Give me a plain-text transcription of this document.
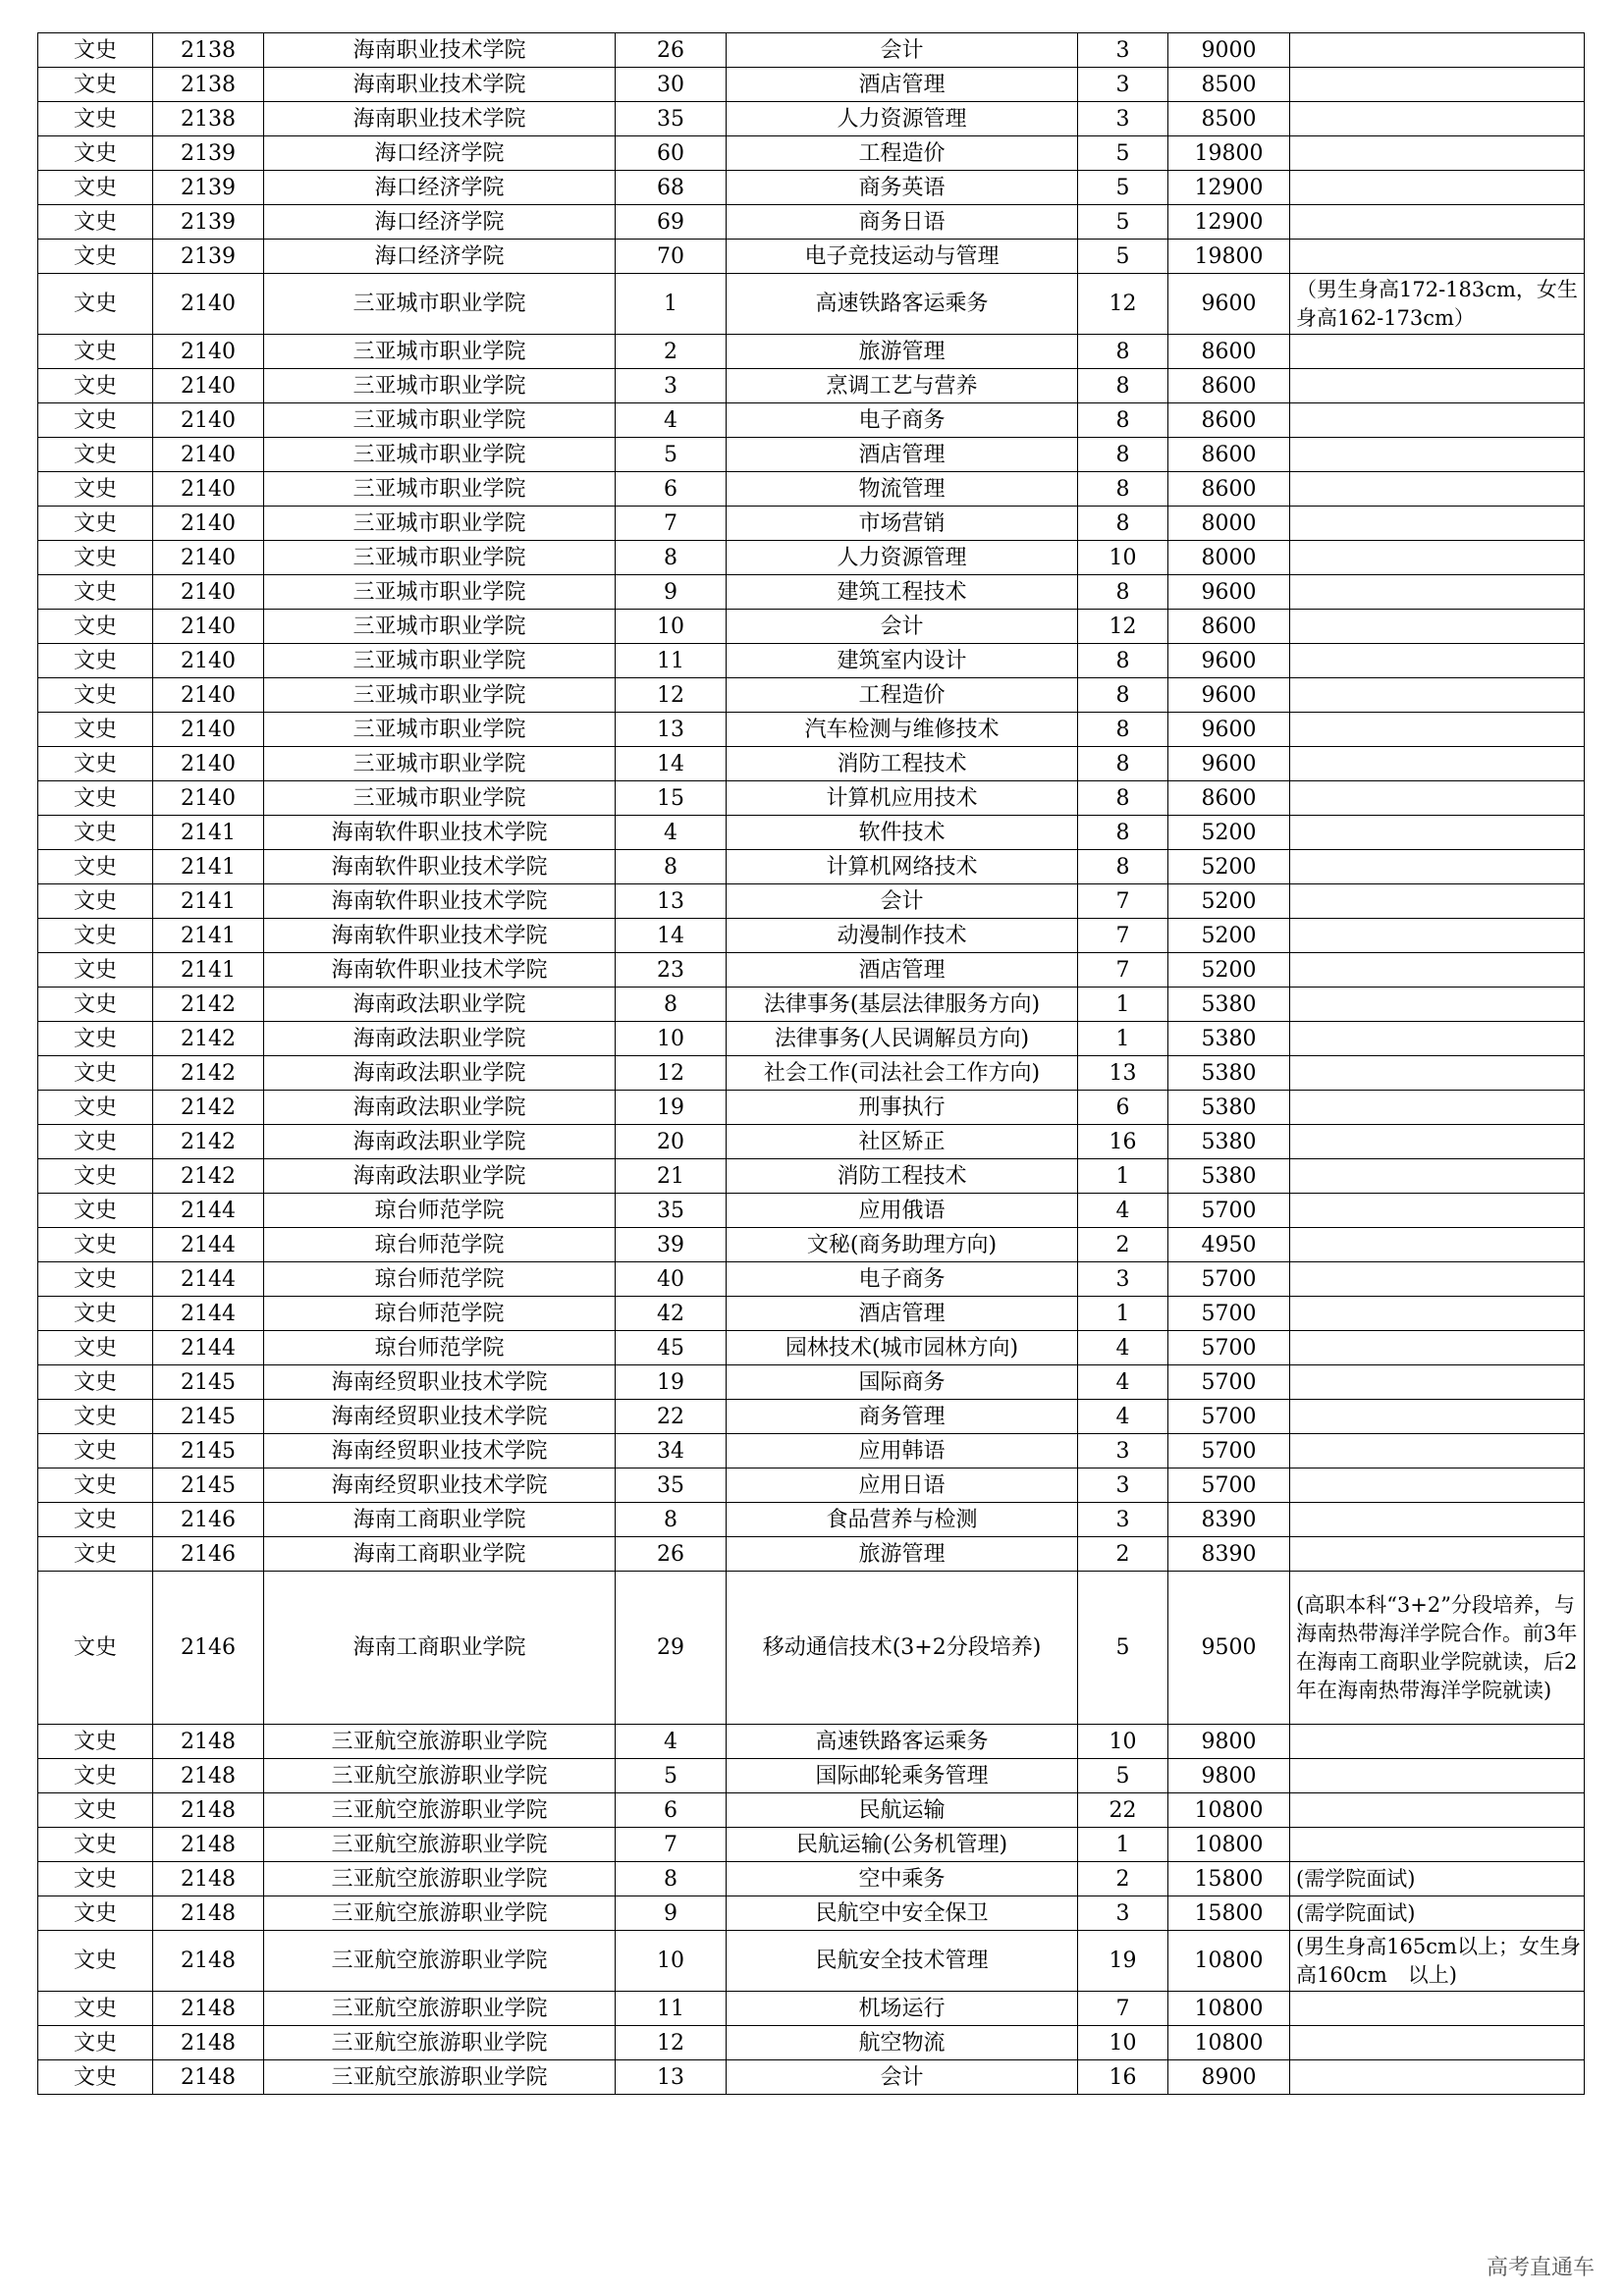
文史	2138	海南职业技术学院	26	会计	3	9000	
文史	2138	海南职业技术学院	30	酒店管理	3	8500	
文史	2138	海南职业技术学院	35	人力资源管理	3	8500	
文史	2139	海口经济学院	60	工程造价	5	19800	
文史	2139	海口经济学院	68	商务英语	5	12900	
文史	2139	海口经济学院	69	商务日语	5	12900	
文史	2139	海口经济学院	70	电子竞技运动与管理	5	19800	
文史	2140	三亚城市职业学院	1	高速铁路客运乘务	12	9600	（男生身高172-183cm，女生身高162-173cm）
文史	2140	三亚城市职业学院	2	旅游管理	8	8600	
文史	2140	三亚城市职业学院	3	烹调工艺与营养	8	8600	
文史	2140	三亚城市职业学院	4	电子商务	8	8600	
文史	2140	三亚城市职业学院	5	酒店管理	8	8600	
文史	2140	三亚城市职业学院	6	物流管理	8	8600	
文史	2140	三亚城市职业学院	7	市场营销	8	8000	
文史	2140	三亚城市职业学院	8	人力资源管理	10	8000	
文史	2140	三亚城市职业学院	9	建筑工程技术	8	9600	
文史	2140	三亚城市职业学院	10	会计	12	8600	
文史	2140	三亚城市职业学院	11	建筑室内设计	8	9600	
文史	2140	三亚城市职业学院	12	工程造价	8	9600	
文史	2140	三亚城市职业学院	13	汽车检测与维修技术	8	9600	
文史	2140	三亚城市职业学院	14	消防工程技术	8	9600	
文史	2140	三亚城市职业学院	15	计算机应用技术	8	8600	
文史	2141	海南软件职业技术学院	4	软件技术	8	5200	
文史	2141	海南软件职业技术学院	8	计算机网络技术	8	5200	
文史	2141	海南软件职业技术学院	13	会计	7	5200	
文史	2141	海南软件职业技术学院	14	动漫制作技术	7	5200	
文史	2141	海南软件职业技术学院	23	酒店管理	7	5200	
文史	2142	海南政法职业学院	8	法律事务(基层法律服务方向)	1	5380	
文史	2142	海南政法职业学院	10	法律事务(人民调解员方向)	1	5380	
文史	2142	海南政法职业学院	12	社会工作(司法社会工作方向)	13	5380	
文史	2142	海南政法职业学院	19	刑事执行	6	5380	
文史	2142	海南政法职业学院	20	社区矫正	16	5380	
文史	2142	海南政法职业学院	21	消防工程技术	1	5380	
文史	2144	琼台师范学院	35	应用俄语	4	5700	
文史	2144	琼台师范学院	39	文秘(商务助理方向)	2	4950	
文史	2144	琼台师范学院	40	电子商务	3	5700	
文史	2144	琼台师范学院	42	酒店管理	1	5700	
文史	2144	琼台师范学院	45	园林技术(城市园林方向)	4	5700	
文史	2145	海南经贸职业技术学院	19	国际商务	4	5700	
文史	2145	海南经贸职业技术学院	22	商务管理	4	5700	
文史	2145	海南经贸职业技术学院	34	应用韩语	3	5700	
文史	2145	海南经贸职业技术学院	35	应用日语	3	5700	
文史	2146	海南工商职业学院	8	食品营养与检测	3	8390	
文史	2146	海南工商职业学院	26	旅游管理	2	8390	
文史	2146	海南工商职业学院	29	移动通信技术(3+2分段培养)	5	9500	(高职本科“3+2”分段培养，与海南热带海洋学院合作。前3年在海南工商职业学院就读，后2年在海南热带海洋学院就读)
文史	2148	三亚航空旅游职业学院	4	高速铁路客运乘务	10	9800	
文史	2148	三亚航空旅游职业学院	5	国际邮轮乘务管理	5	9800	
文史	2148	三亚航空旅游职业学院	6	民航运输	22	10800	
文史	2148	三亚航空旅游职业学院	7	民航运输(公务机管理)	1	10800	
文史	2148	三亚航空旅游职业学院	8	空中乘务	2	15800	(需学院面试)
文史	2148	三亚航空旅游职业学院	9	民航空中安全保卫	3	15800	(需学院面试)
文史	2148	三亚航空旅游职业学院	10	民航安全技术管理	19	10800	(男生身高165cm以上；女生身高160cm　以上)
文史	2148	三亚航空旅游职业学院	11	机场运行	7	10800	
文史	2148	三亚航空旅游职业学院	12	航空物流	10	10800	
文史	2148	三亚航空旅游职业学院	13	会计	16	8900	
高考直通车
